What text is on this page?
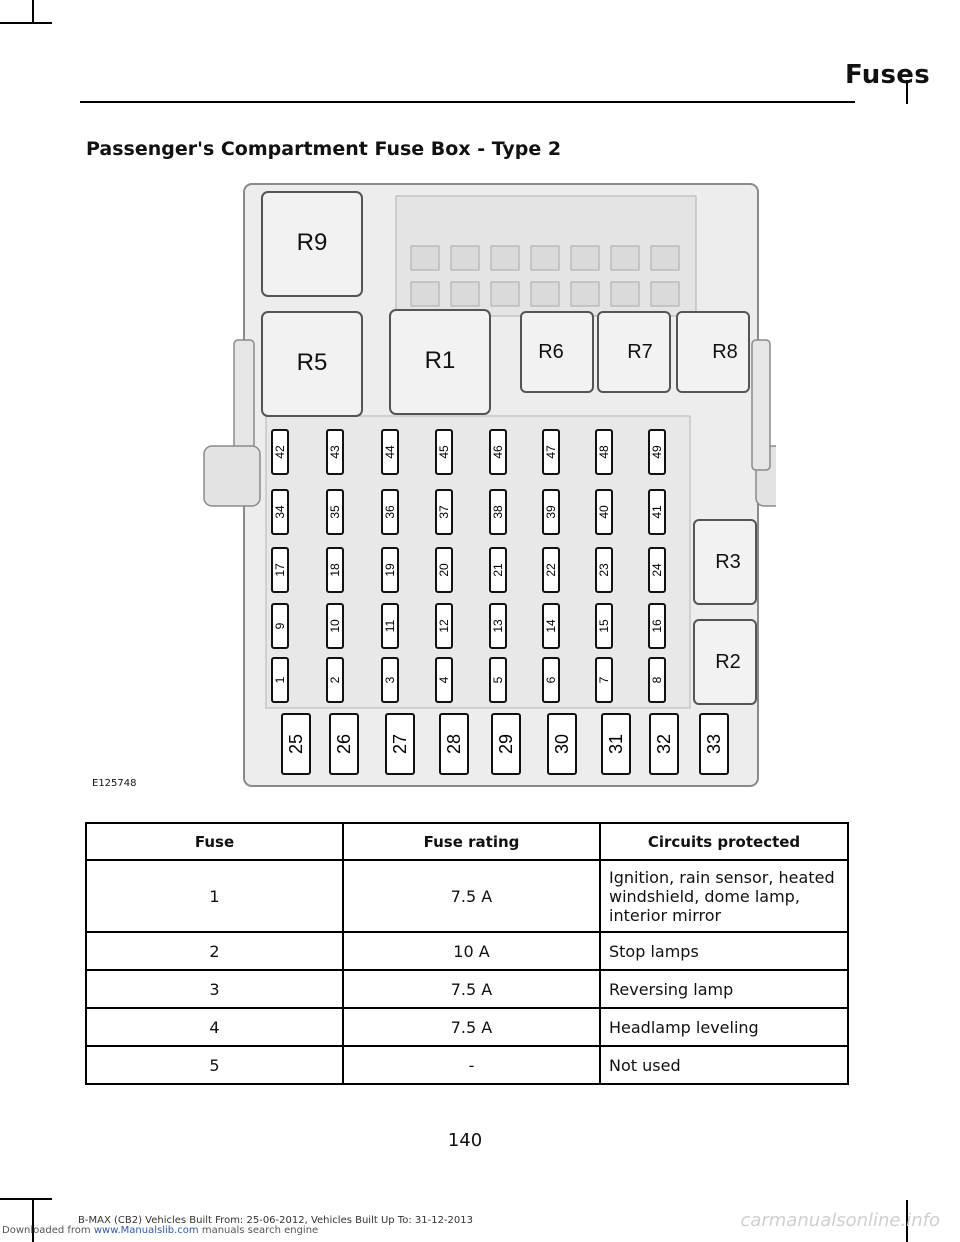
Fuses
Passenger's Compartment Fuse Box - Type 2
R9
R5	R1	R6	R7	R8
R3
R2
42
34
17
9
1
43
35
18
10
2
44
36
19
11
3
45
37
20
12
4
46
38
21
13
5
47
39
22
14
6
48
40
23
15
7
49
41
24
16
8
25 26 27 28 29 30 31 32 33
E125748
Fuse	Fuse rating	Circuits protected
1	7.5 A	Ignition, rain sensor, heated windshield, dome lamp, interior mirror
2	10 A	Stop lamps
3	7.5 A	Reversing lamp
4	7.5 A	Headlamp leveling
5	-	Not used
140
B-MAX (CB2) Vehicles Built From: 25-06-2012, Vehicles Built Up To: 31-12-2013
Downloaded from www.Manualslib.com manuals search engine	carmanualsonline.info
